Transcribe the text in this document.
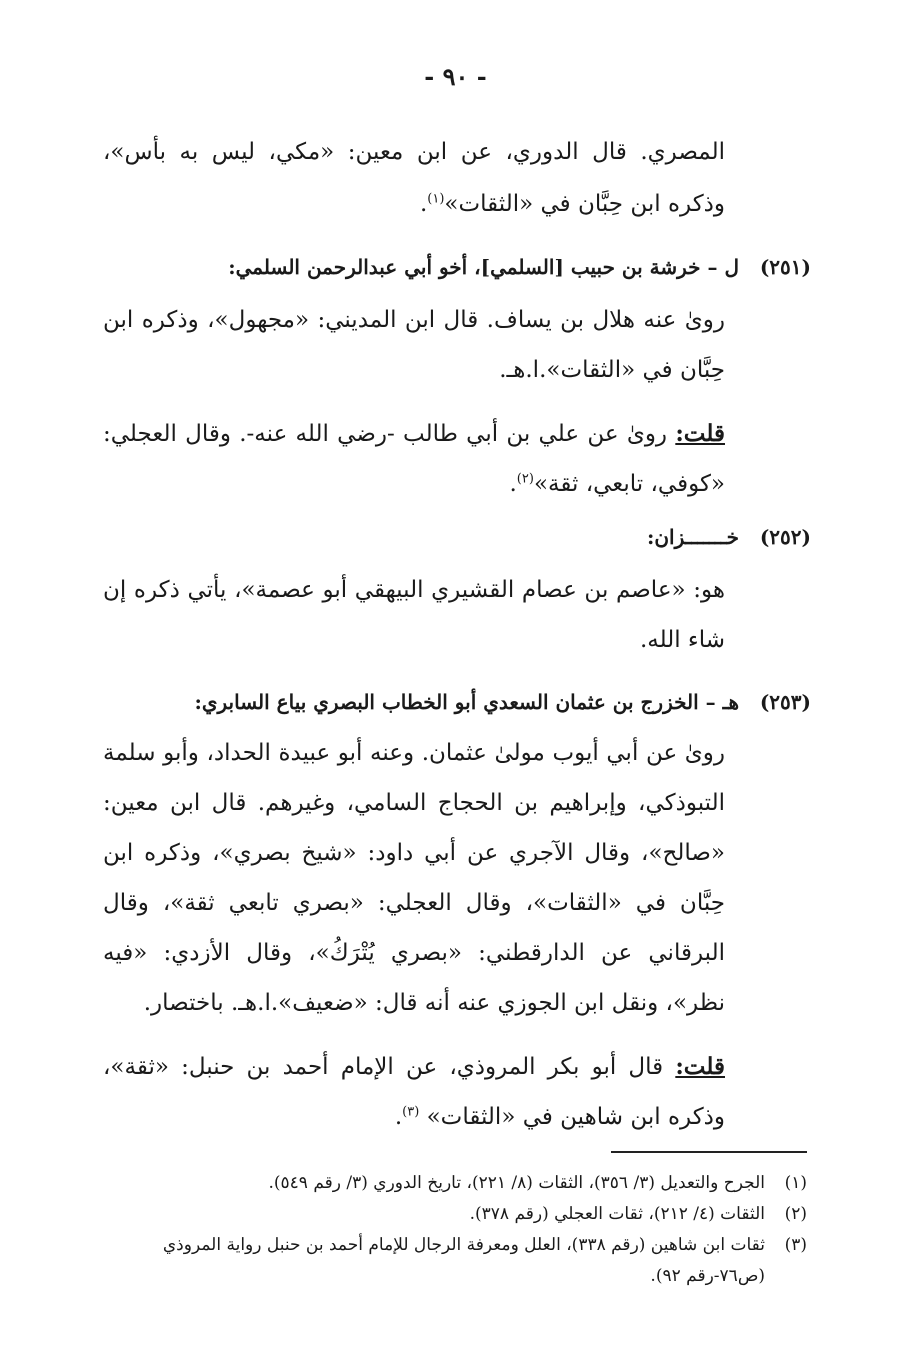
- ٩٠ -

المصري. قال الدوري، عن ابن معين: «مكي، ليس به بأس»، وذكره ابن حِبَّان في «الثقات»$^{(١)}$.

(٢٥١)ل – خرشة بن حبيب [السلمي]، أخو أبي عبدالرحمن السلمي:

روىٰ عنه هلال بن يساف. قال ابن المديني: «مجهول»، وذكره ابن حِبَّان في «الثقات».ا.هـ.

قلت: روىٰ عن علي بن أبي طالب -رضي الله عنه-. وقال العجلي: «كوفي، تابعي، ثقة»$^{(٢)}$.

(٢٥٢)خـــــــزان:

هو: «عاصم بن عصام القشيري البيهقي أبو عصمة»، يأتي ذكره إن شاء الله.

(٢٥٣)هـ – الخزرج بن عثمان السعدي أبو الخطاب البصري بياع السابري:

روىٰ عن أبي أيوب مولىٰ عثمان. وعنه أبو عبيدة الحداد، وأبو سلمة التبوذكي، وإبراهيم بن الحجاج السامي، وغيرهم. قال ابن معين: «صالح»، وقال الآجري عن أبي داود: «شيخ بصري»، وذكره ابن حِبَّان في «الثقات»، وقال العجلي: «بصري تابعي ثقة»، وقال البرقاني عن الدارقطني: «بصري يُتْرَكُ»، وقال الأزدي: «فيه نظر»، ونقل ابن الجوزي عنه أنه قال: «ضعيف».ا.هـ. باختصار.

قلت: قال أبو بكر المروذي، عن الإمام أحمد بن حنبل: «ثقة»، وذكره ابن شاهين في «الثقات» $^{(٣)}$.

(١)الجرح والتعديل (٣/ ٣٥٦)، الثقات (٨/ ٢٢١)، تاريخ الدوري (٣/ رقم ٥٤٩).
(٢)الثقات (٤/ ٢١٢)، ثقات العجلي (رقم ٣٧٨).
(٣)ثقات ابن شاهين (رقم ٣٣٨)، العلل ومعرفة الرجال للإمام أحمد بن حنبل رواية المروذي
(ص٧٦-رقم ٩٢).
